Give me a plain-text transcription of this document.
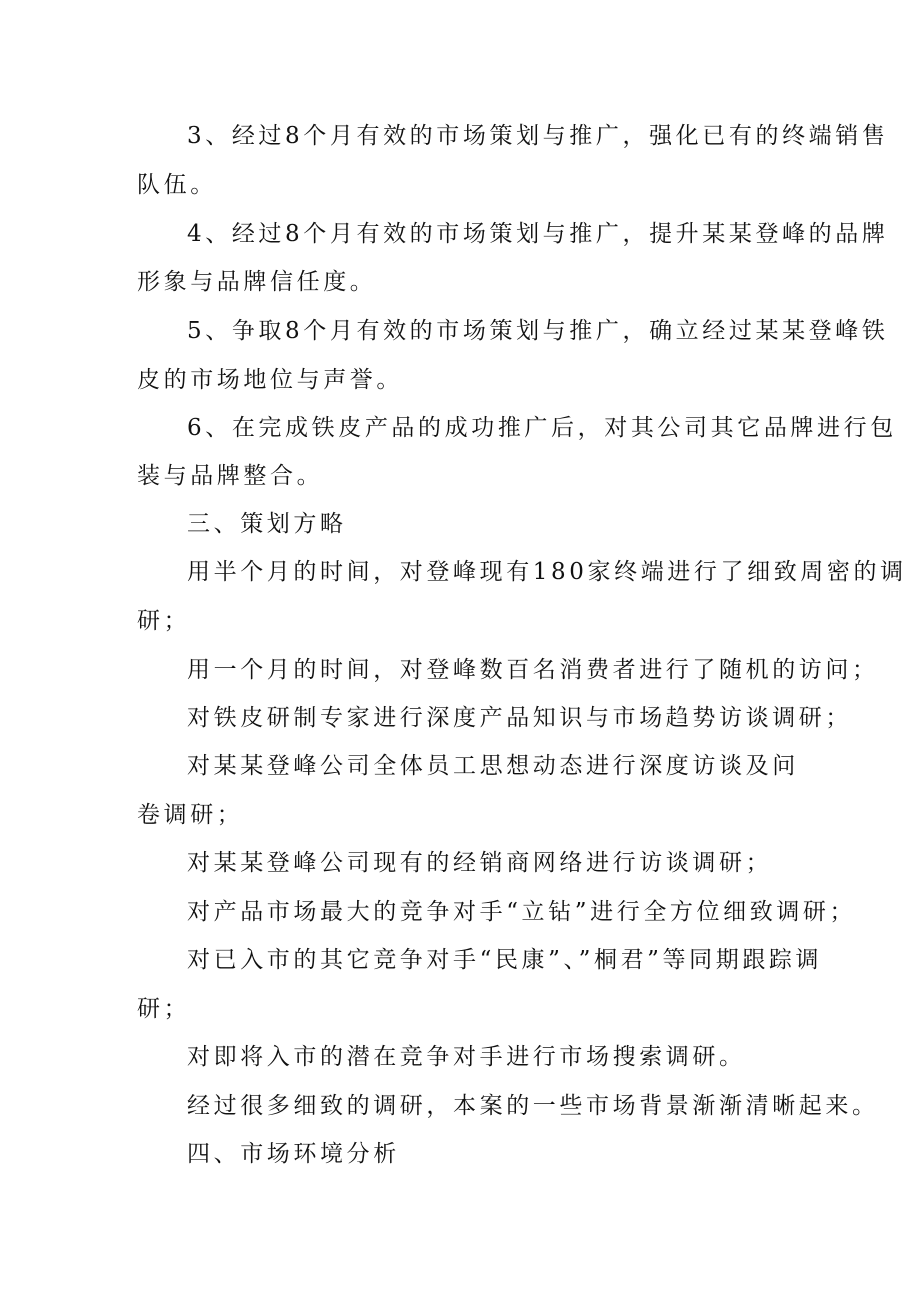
3、经过8个月有效的市场策划与推广，强化已有的终端销售
队伍。
4、经过8个月有效的市场策划与推广，提升某某登峰的品牌
形象与品牌信任度。
5、争取8个月有效的市场策划与推广，确立经过某某登峰铁
皮的市场地位与声誉。
6、在完成铁皮产品的成功推广后，对其公司其它品牌进行包
装与品牌整合。
三、策划方略
用半个月的时间，对登峰现有180家终端进行了细致周密的调
研；
用一个月的时间，对登峰数百名消费者进行了随机的访问；
对铁皮研制专家进行深度产品知识与市场趋势访谈调研；
对某某登峰公司全体员工思想动态进行深度访谈及问
卷调研；
对某某登峰公司现有的经销商网络进行访谈调研；
对产品市场最大的竞争对手“立钻”进行全方位细致调研；
对已入市的其它竞争对手“民康”、”桐君”等同期跟踪调
研；
对即将入市的潜在竞争对手进行市场搜索调研。
经过很多细致的调研，本案的一些市场背景渐渐清晰起来。
四、市场环境分析
